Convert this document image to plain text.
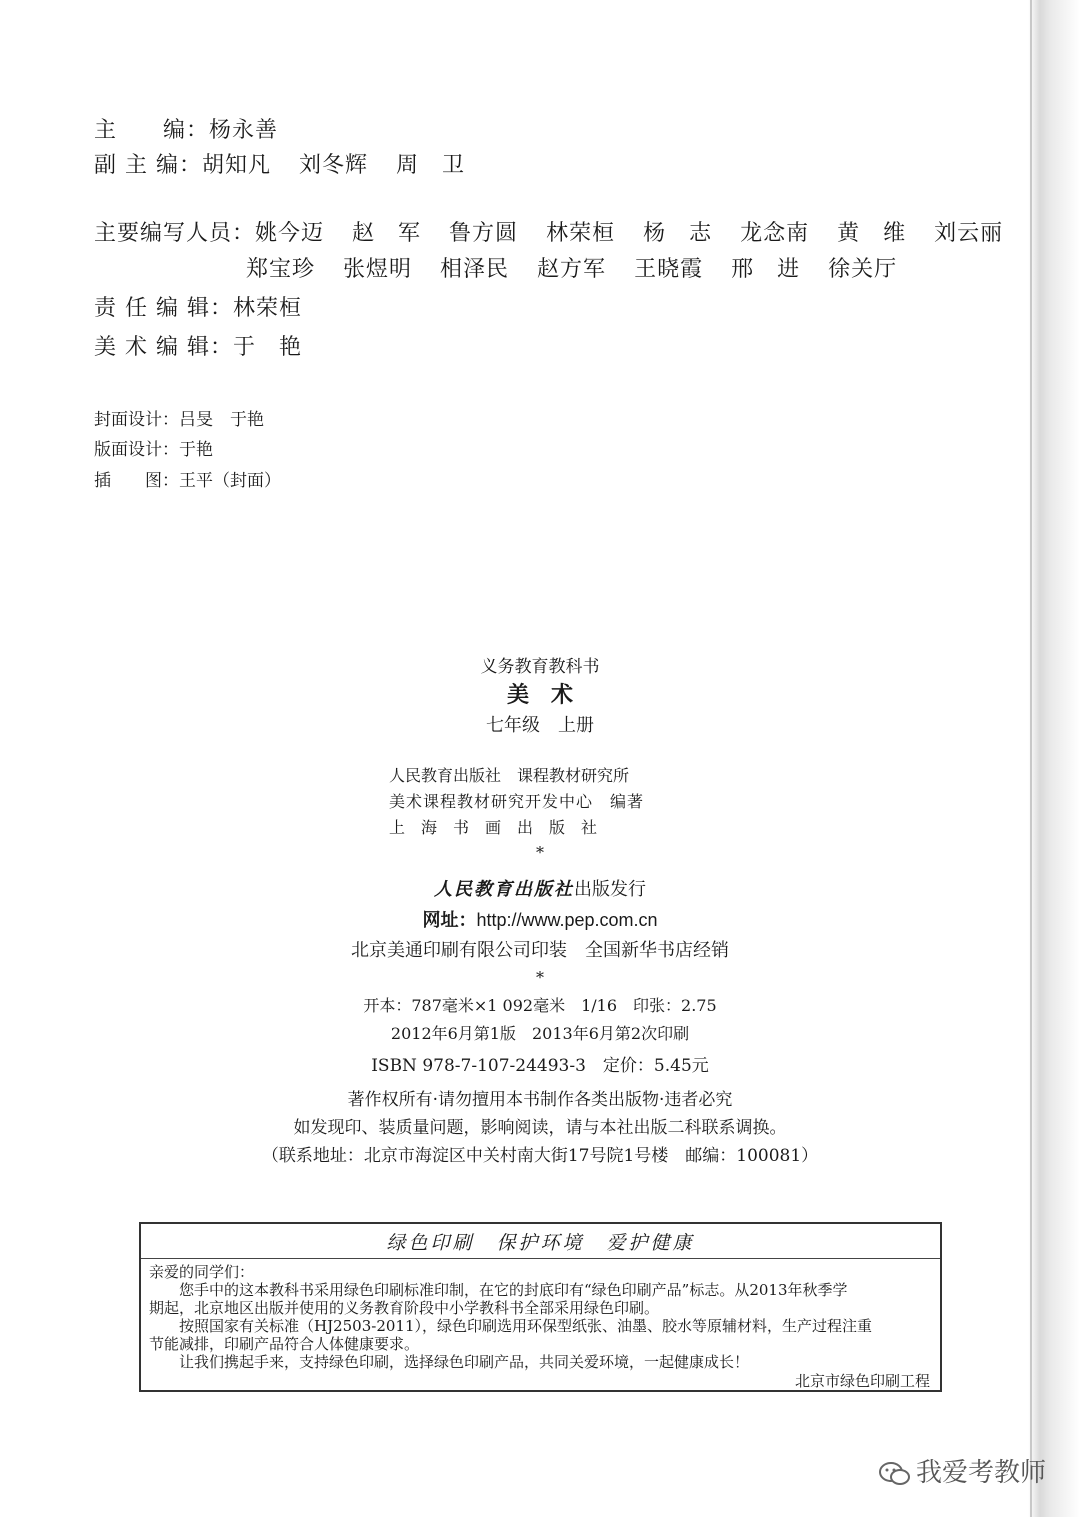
主　　编：杨永善
副 主 编：胡知凡 刘冬辉 周　卫
主要编写人员：姚今迈 赵　军 鲁方圆 林荣桓 杨　志 龙念南 黄　维 刘云丽
郑宝珍 张煜明 相泽民 赵方军 王晓霞 邢　进 徐关厅
责 任 编 辑：林荣桓
美 术 编 辑：于　艳
封面设计：吕旻　于艳
版面设计：于艳
插　　图：王平（封面）
义务教育教科书
美　术
七年级　上册
人民教育出版社　课程教材研究所
美术课程教材研究开发中心　编著
上　海　书　画　出　版　社
*
人民教育出版社出版发行
网址：http://www.pep.com.cn
北京美通印刷有限公司印装　全国新华书店经销
*
开本：787毫米×1 092毫米　1/16　印张：2.75
2012年6月第1版　2013年6月第2次印刷
ISBN 978-7-107-24493-3　定价：5.45元
著作权所有·请勿擅用本书制作各类出版物·违者必究
如发现印、装质量问题，影响阅读，请与本社出版二科联系调换。
（联系地址：北京市海淀区中关村南大街17号院1号楼　邮编：100081）
绿色印刷　保护环境　爱护健康
亲爱的同学们：
　　您手中的这本教科书采用绿色印刷标准印制，在它的封底印有“绿色印刷产品”标志。从2013年秋季学
期起，北京地区出版并使用的义务教育阶段中小学教科书全部采用绿色印刷。
　　按照国家有关标准（HJ2503-2011），绿色印刷选用环保型纸张、油墨、胶水等原辅材料，生产过程注重
节能减排，印刷产品符合人体健康要求。
　　让我们携起手来，支持绿色印刷，选择绿色印刷产品，共同关爱环境，一起健康成长！
北京市绿色印刷工程
我爱考教师
